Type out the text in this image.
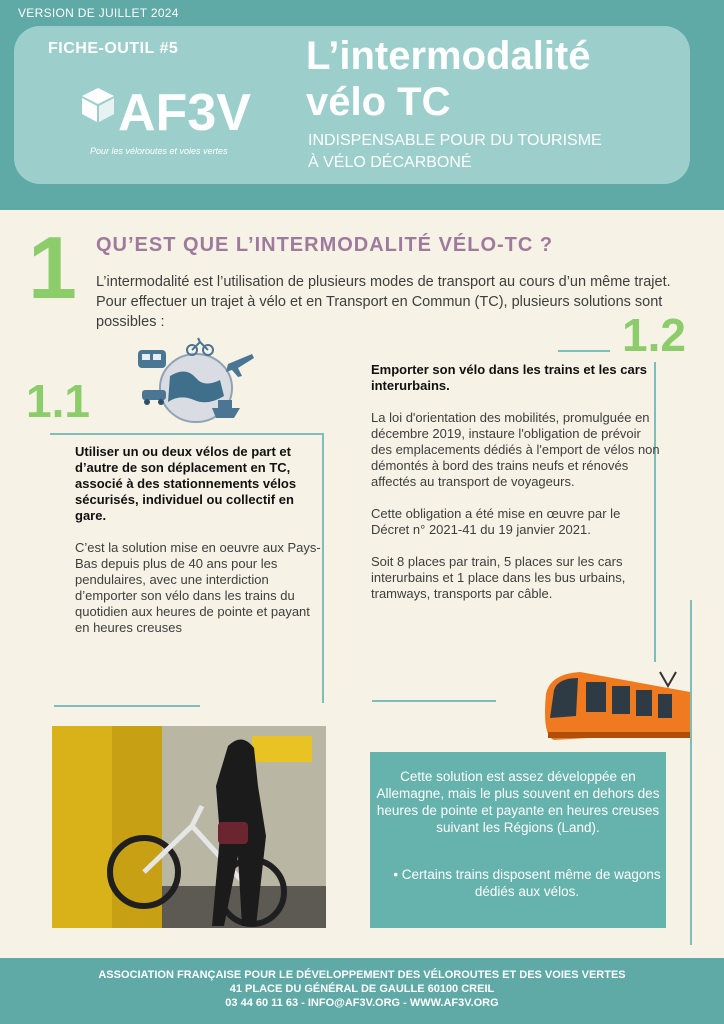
VERSION DE JUILLET 2024
FICHE-OUTIL #5
AF3V
Pour les véloroutes et voies vertes
L’intermodalité
vélo TC
INDISPENSABLE POUR DU TOURISME
À VÉLO DÉCARBONÉ
1 QU’EST QUE L’INTERMODALITÉ VÉLO-TC ?
L’intermodalité est l’utilisation de plusieurs modes de transport au cours d’un même trajet. Pour effectuer un trajet à vélo et en Transport en Commun (TC), plusieurs solutions sont possibles :
1.1

Utiliser un ou deux vélos de part et d’autre de son déplacement en TC, associé à des stationnements vélos sécurisés, individuel ou collectif en gare.

C’est la solution mise en oeuvre aux Pays-Bas depuis plus de 40 ans pour les pendulaires, avec une interdiction d’emporter son vélo dans les trains du quotidien aux heures de pointe et payant en heures creuses

1.2

Emporter son vélo dans les trains et les cars interurbains.

La loi d'orientation des mobilités, promulguée en décembre 2019, instaure l'obligation de prévoir des emplacements dédiés à l'emport de vélos non démontés à bord des trains neufs et rénovés affectés au transport de voyageurs.

Cette obligation a été mise en œuvre par le Décret n° 2021-41 du 19 janvier 2021.

Soit 8 places par train, 5 places sur les cars interurbains et 1 place dans les bus urbains, tramways, transports par câble.

Cette solution est assez développée en Allemagne, mais le plus souvent en dehors des heures de pointe et payante en heures creuses suivant les Régions (Land).
• Certains trains disposent même de wagons dédiés aux vélos.
ASSOCIATION FRANÇAISE POUR LE DÉVELOPPEMENT DES VÉLOROUTES ET DES VOIES VERTES
41 PLACE DU GÉNÉRAL DE GAULLE 60100 CREIL
03 44 60 11 63 - INFO@AF3V.ORG - WWW.AF3V.ORG
